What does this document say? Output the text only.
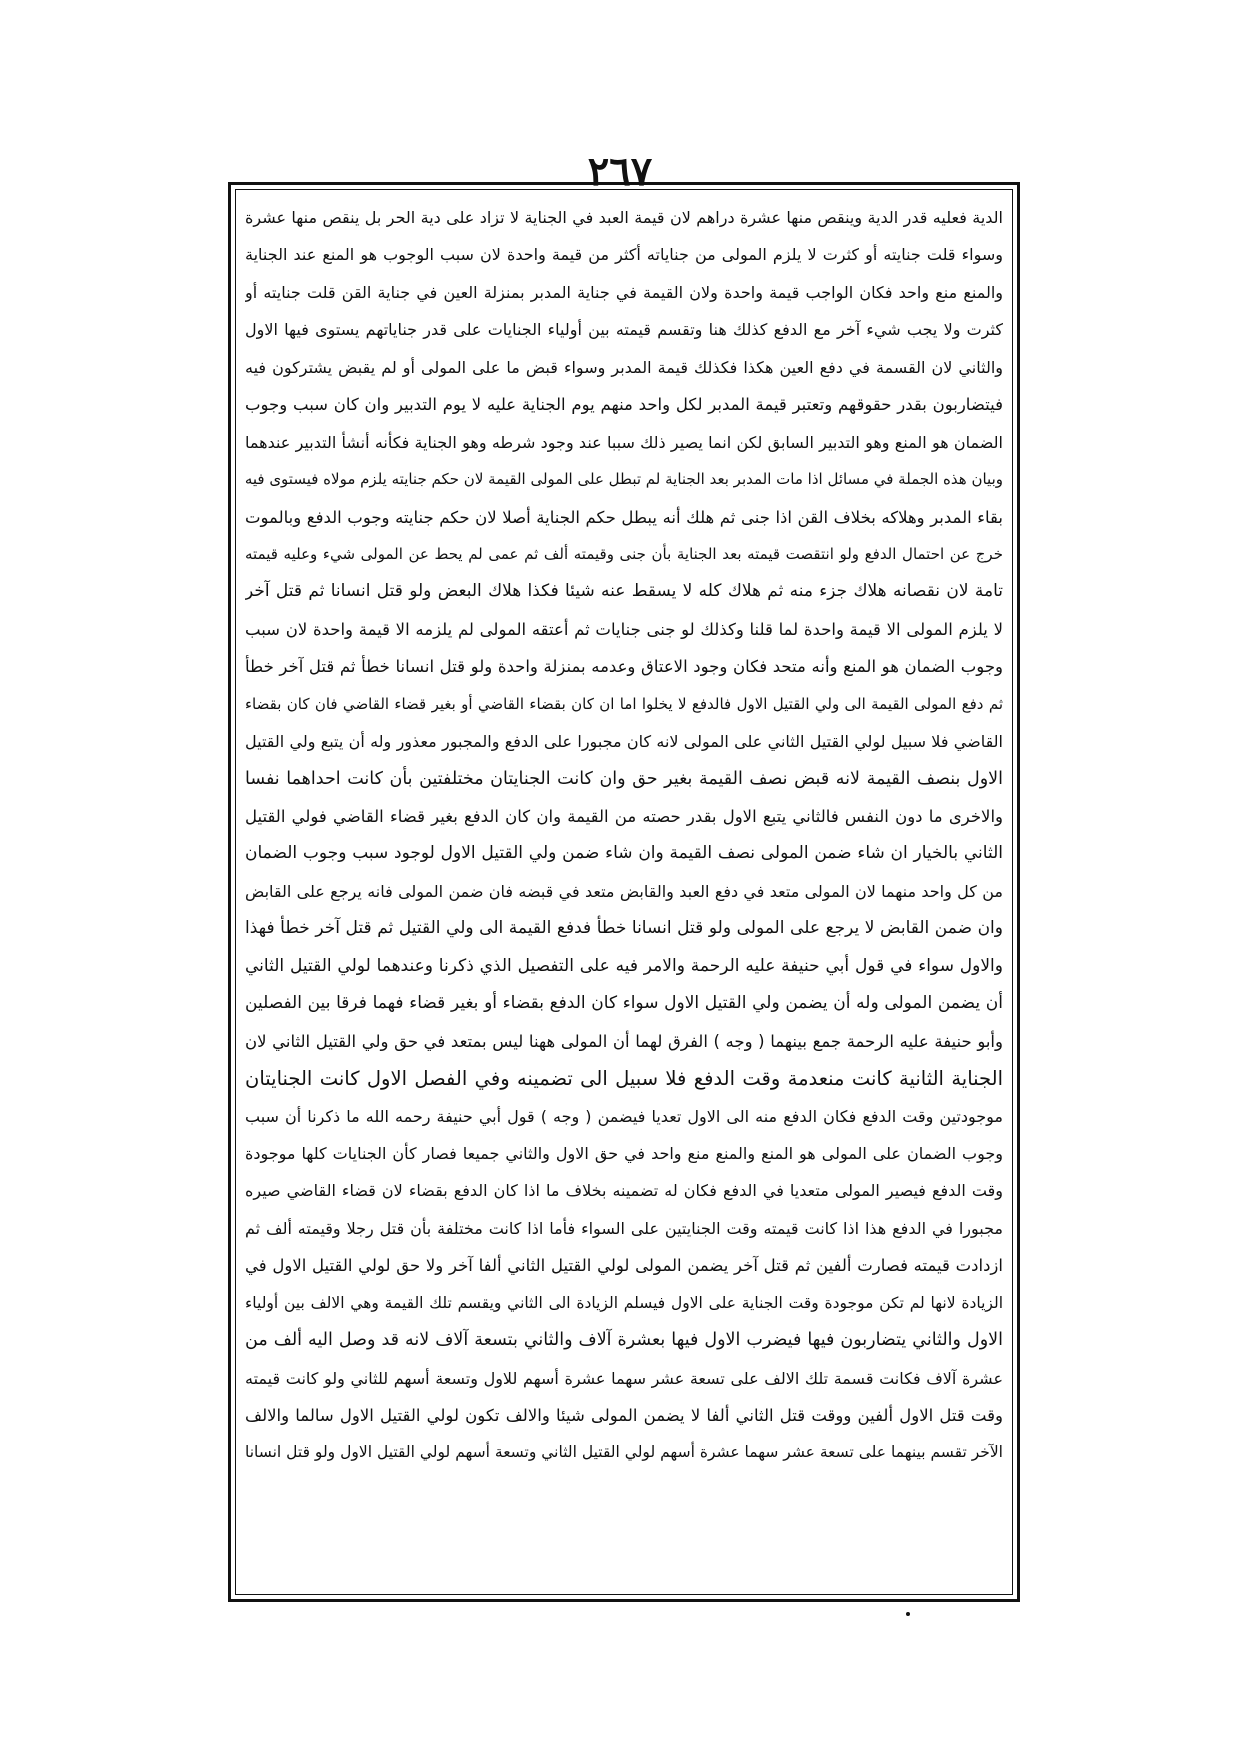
٢٦٧
الدية فعليه قدر الدية وينقص منها عشرة دراهم لان قيمة العبد في الجناية لا تزاد على دية الحر بل ينقص منها عشرة
وسواء قلت جنايته أو كثرت لا يلزم المولى من جناياته أكثر من قيمة واحدة لان سبب الوجوب هو المنع عند الجناية
والمنع منع واحد فكان الواجب قيمة واحدة ولان القيمة في جناية المدبر بمنزلة العين في جناية القن قلت جنايته أو
كثرت ولا يجب شيء آخر مع الدفع كذلك هنا وتقسم قيمته بين أولياء الجنايات على قدر جناياتهم يستوى فيها الاول
والثاني لان القسمة في دفع العين هكذا فكذلك قيمة المدبر وسواء قبض ما على المولى أو لم يقبض يشتركون فيه
فيتضاربون بقدر حقوقهم وتعتبر قيمة المدبر لكل واحد منهم يوم الجناية عليه لا يوم التدبير وان كان سبب وجوب
الضمان هو المنع وهو التدبير السابق لكن انما يصير ذلك سببا عند وجود شرطه وهو الجناية فكأنه أنشأ التدبير عندهما
وبيان هذه الجملة في مسائل اذا مات المدبر بعد الجناية لم تبطل على المولى القيمة لان حكم جنايته يلزم مولاه فيستوى فيه
بقاء المدبر وهلاكه بخلاف القن اذا جنى ثم هلك أنه يبطل حكم الجناية أصلا لان حكم جنايته وجوب الدفع وبالموت
خرج عن احتمال الدفع ولو انتقصت قيمته بعد الجناية بأن جنى وقيمته ألف ثم عمى لم يحط عن المولى شيء وعليه قيمته
تامة لان نقصانه هلاك جزء منه ثم هلاك كله لا يسقط عنه شيئا فكذا هلاك البعض ولو قتل انسانا ثم قتل آخر
لا يلزم المولى الا قيمة واحدة لما قلنا وكذلك لو جنى جنايات ثم أعتقه المولى لم يلزمه الا قيمة واحدة لان سبب
وجوب الضمان هو المنع وأنه متحد فكان وجود الاعتاق وعدمه بمنزلة واحدة ولو قتل انسانا خطأ ثم قتل آخر خطأ
ثم دفع المولى القيمة الى ولي القتيل الاول فالدفع لا يخلوا اما ان كان بقضاء القاضي أو بغير قضاء القاضي فان كان بقضاء
القاضي فلا سبيل لولي القتيل الثاني على المولى لانه كان مجبورا على الدفع والمجبور معذور وله أن يتبع ولي القتيل
الاول بنصف القيمة لانه قبض نصف القيمة بغير حق وان كانت الجنايتان مختلفتين بأن كانت احداهما نفسا
والاخرى ما دون النفس فالثاني يتبع الاول بقدر حصته من القيمة وان كان الدفع بغير قضاء القاضي فولي القتيل
الثاني بالخيار ان شاء ضمن المولى نصف القيمة وان شاء ضمن ولي القتيل الاول لوجود سبب وجوب الضمان
من كل واحد منهما لان المولى متعد في دفع العبد والقابض متعد في قبضه فان ضمن المولى فانه يرجع على القابض
وان ضمن القابض لا يرجع على المولى ولو قتل انسانا خطأ فدفع القيمة الى ولي القتيل ثم قتل آخر خطأ فهذا
والاول سواء في قول أبي حنيفة عليه الرحمة والامر فيه على التفصيل الذي ذكرنا وعندهما لولي القتيل الثاني
أن يضمن المولى وله أن يضمن ولي القتيل الاول سواء كان الدفع بقضاء أو بغير قضاء فهما فرقا بين الفصلين
وأبو حنيفة عليه الرحمة جمع بينهما ( وجه ) الفرق لهما أن المولى ههنا ليس بمتعد في حق ولي القتيل الثاني لان
الجناية الثانية كانت منعدمة وقت الدفع فلا سبيل الى تضمينه وفي الفصل الاول كانت الجنايتان
موجودتين وقت الدفع فكان الدفع منه الى الاول تعديا فيضمن ( وجه ) قول أبي حنيفة رحمه الله ما ذكرنا أن سبب
وجوب الضمان على المولى هو المنع والمنع منع واحد في حق الاول والثاني جميعا فصار كأن الجنايات كلها موجودة
وقت الدفع فيصير المولى متعديا في الدفع فكان له تضمينه بخلاف ما اذا كان الدفع بقضاء لان قضاء القاضي صيره
مجبورا في الدفع هذا اذا كانت قيمته وقت الجنايتين على السواء فأما اذا كانت مختلفة بأن قتل رجلا وقيمته ألف ثم
ازدادت قيمته فصارت ألفين ثم قتل آخر يضمن المولى لولي القتيل الثاني ألفا آخر ولا حق لولي القتيل الاول في
الزيادة لانها لم تكن موجودة وقت الجناية على الاول فيسلم الزيادة الى الثاني ويقسم تلك القيمة وهي الالف بين أولياء
الاول والثاني يتضاربون فيها فيضرب الاول فيها بعشرة آلاف والثاني بتسعة آلاف لانه قد وصل اليه ألف من
عشرة آلاف فكانت قسمة تلك الالف على تسعة عشر سهما عشرة أسهم للاول وتسعة أسهم للثاني ولو كانت قيمته
وقت قتل الاول ألفين ووقت قتل الثاني ألفا لا يضمن المولى شيئا والالف تكون لولي القتيل الاول سالما والالف
الآخر تقسم بينهما على تسعة عشر سهما عشرة أسهم لولي القتيل الثاني وتسعة أسهم لولي القتيل الاول ولو قتل انسانا
